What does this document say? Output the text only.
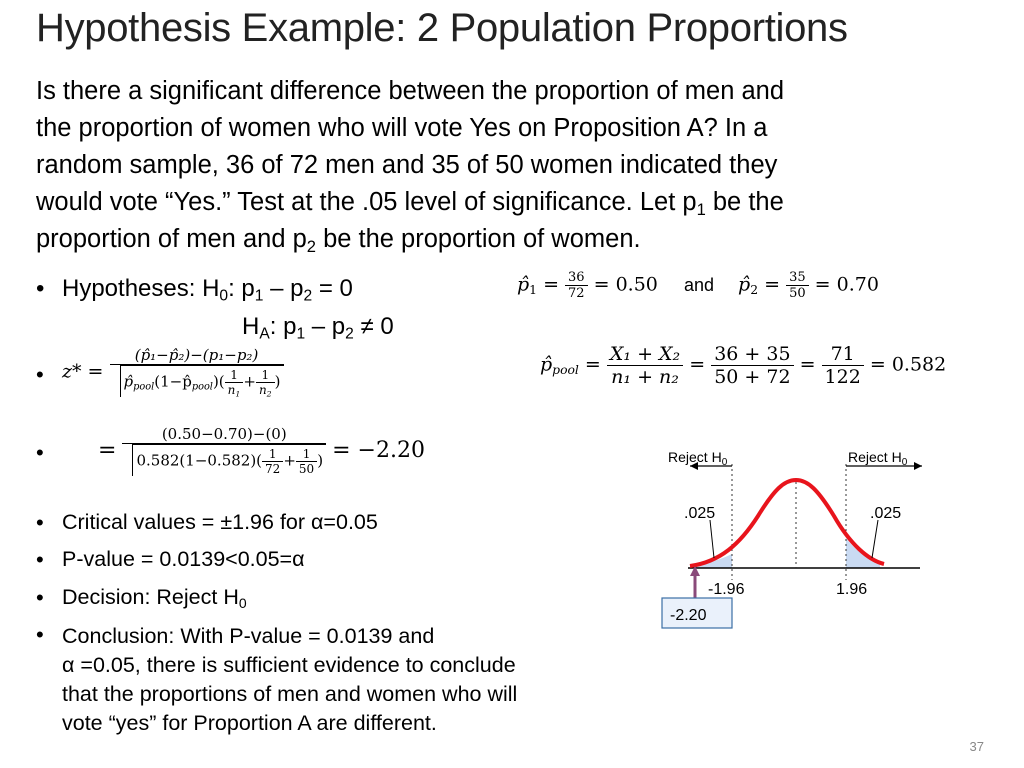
Hypothesis Example: 2 Population Proportions
Is there a significant difference between the proportion of men and
the proportion of women who will vote Yes on Proposition A? In a
random sample, 36 of 72 men and 35 of 50 women indicated they
would vote “Yes.” Test at the .05 level of significance. Let $p_1$ be the
proportion of men and $p_2$ be the proportion of women.
• Hypotheses: $H_0$: $p_1 - p_2 = 0$
$H_A$: $p_1 - p_2 \ne 0$
$p̂_1 = \frac{36}{72} = 0.50$ and $p̂_2 = \frac{35}{50} = 0.70$
$p̂_{pool} = \frac{\text{X₁ + X₂}}{\text{n₁ + n₂}} = \frac{36 + 35}{50 + 72} = \frac{71}{122} = 0.582$
• $z* = \frac{\text{(p̂₁−p̂₂)−(p₁−p₂)}}{p̂_{pool}(1-p̂_{pool})( \frac{1}{n_1} + \frac{1}{n_2} )}$
• = $\frac{(0.50-0.70)-(0)}{0.582(1-0.582)( \frac{1}{72} + \frac{1}{50} )} = -2.20$
• Critical values = ±1.96 for α=0.05
• P-value = 0.0139<0.05=α
• Decision: Reject $H_0$
• Conclusion: With P-value = 0.0139 and
α =0.05, there is sufficient evidence to conclude
that the proportions of men and women who will
vote “yes” for Proportion A are different.
Reject $H_0$	Reject $H_0$
.025	.025
-1.96	1.96
-2.20
37
